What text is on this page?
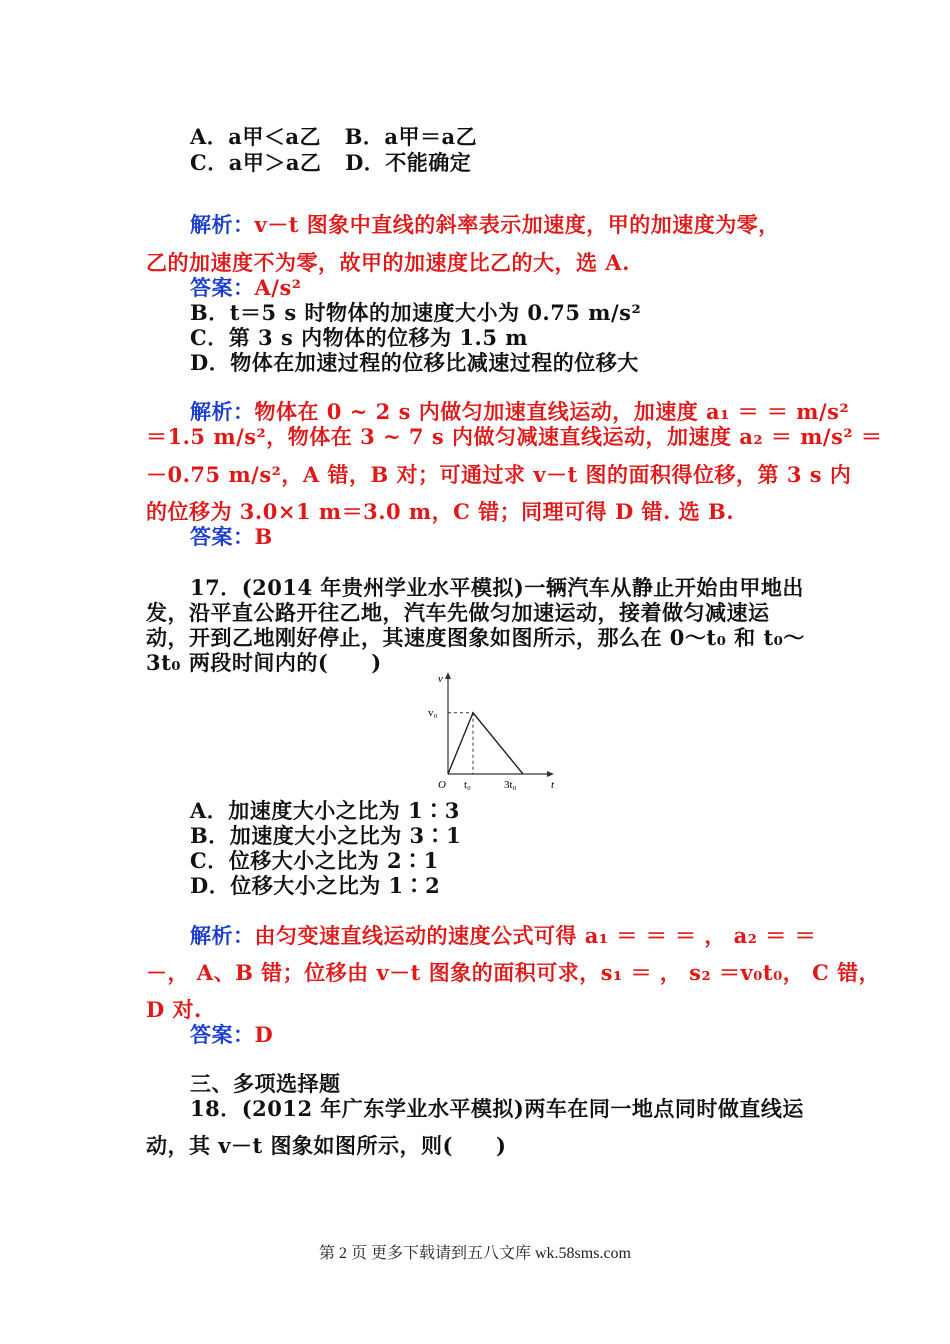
A．a甲＜a乙 B．a甲＝a乙
C．a甲＞a乙 D．不能确定
解析：v－t 图象中直线的斜率表示加速度，甲的加速度为零，
乙的加速度不为零，故甲的加速度比乙的大，选 A.
答案：A/s²
B．t＝5 s 时物体的加速度大小为 0.75 m/s²
C．第 3 s 内物体的位移为 1.5 m
D．物体在加速过程的位移比减速过程的位移大
解析：物体在 0 ~ 2 s 内做匀加速直线运动，加速度 a₁ ＝ ＝ m/s²
＝1.5 m/s²，物体在 3 ~ 7 s 内做匀减速直线运动，加速度 a₂ ＝ m/s² ＝
－0.75 m/s²，A 错，B 对；可通过求 v－t 图的面积得位移，第 3 s 内
的位移为 3.0×1 m＝3.0 m，C 错；同理可得 D 错. 选 B.
答案：B
17．(2014 年贵州学业水平模拟)一辆汽车从静止开始由甲地出
发，沿平直公路开往乙地，汽车先做匀加速运动，接着做匀减速运
动，开到乙地刚好停止，其速度图象如图所示，那么在 0～t₀ 和 t₀～
3t₀ 两段时间内的(　　)
v
t
O
v₀
t₀	3t₀
A．加速度大小之比为 1∶3
B．加速度大小之比为 3∶1
C．位移大小之比为 2∶1
D．位移大小之比为 1∶2
解析：由匀变速直线运动的速度公式可得 a₁ ＝ ＝ ＝ ， a₂ ＝ ＝
－， A、B 错；位移由 v－t 图象的面积可求，s₁ ＝ ， s₂ ＝v₀t₀， C 错，
D 对.
答案：D
三、多项选择题
18．(2012 年广东学业水平模拟)两车在同一地点同时做直线运
动，其 v－t 图象如图所示，则(　　)
第 2 页 更多下载请到五八文库 wk.58sms.com
